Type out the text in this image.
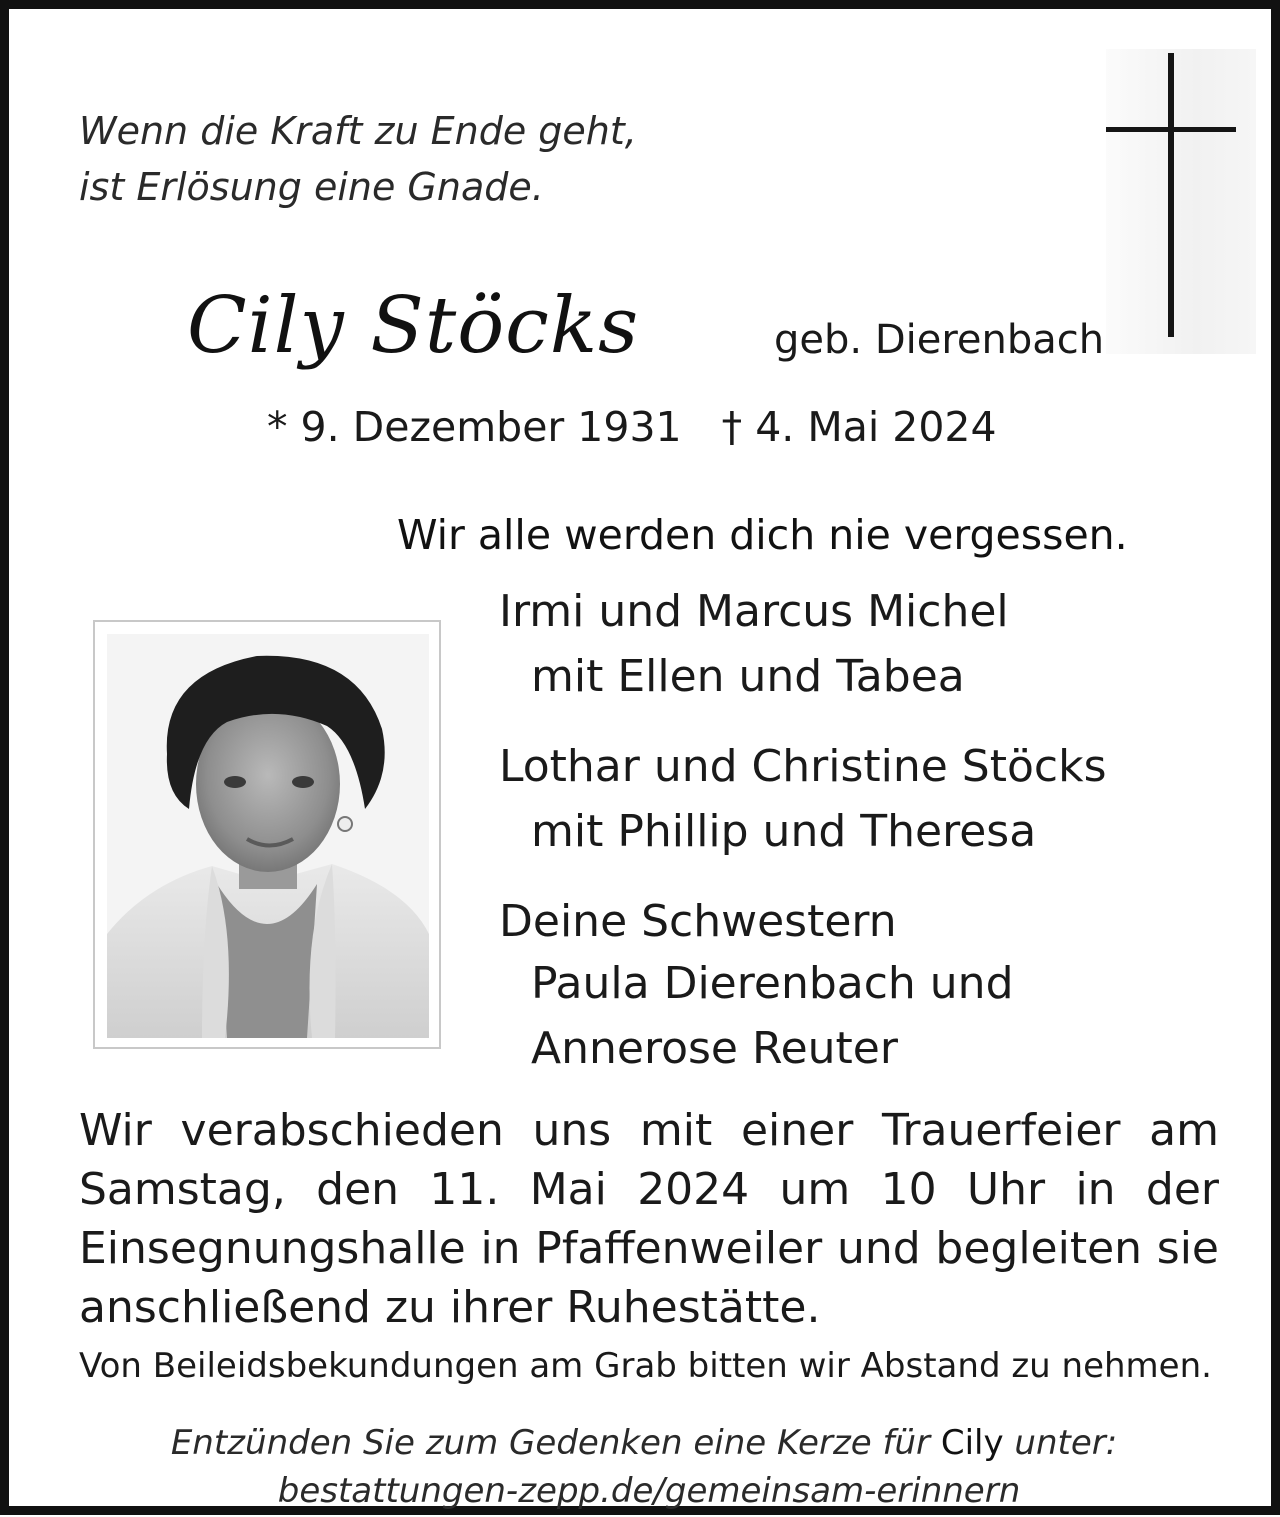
Wenn die Kraft zu Ende geht,
ist Erlösung eine Gnade.
Cily Stöcks	geb. Dierenbach
* 9. Dezember 1931 † 4. Mai 2024
Wir alle werden dich nie vergessen.
Irmi und Marcus Michel
mit Ellen und Tabea
Lothar und Christine Stöcks
mit Phillip und Theresa
Deine Schwestern
Paula Dierenbach und
Annerose Reuter
Wir verabschieden uns mit einer Trauerfeier am
Samstag, den 11. Mai 2024 um 10 Uhr in der
Einsegnungshalle in Pfaffenweiler und begleiten sie
anschließend zu ihrer Ruhestätte.
Von Beileidsbekundungen am Grab bitten wir Abstand zu nehmen.
Entzünden Sie zum Gedenken eine Kerze für Cily unter:
bestattungen-zepp.de/gemeinsam-erinnern
